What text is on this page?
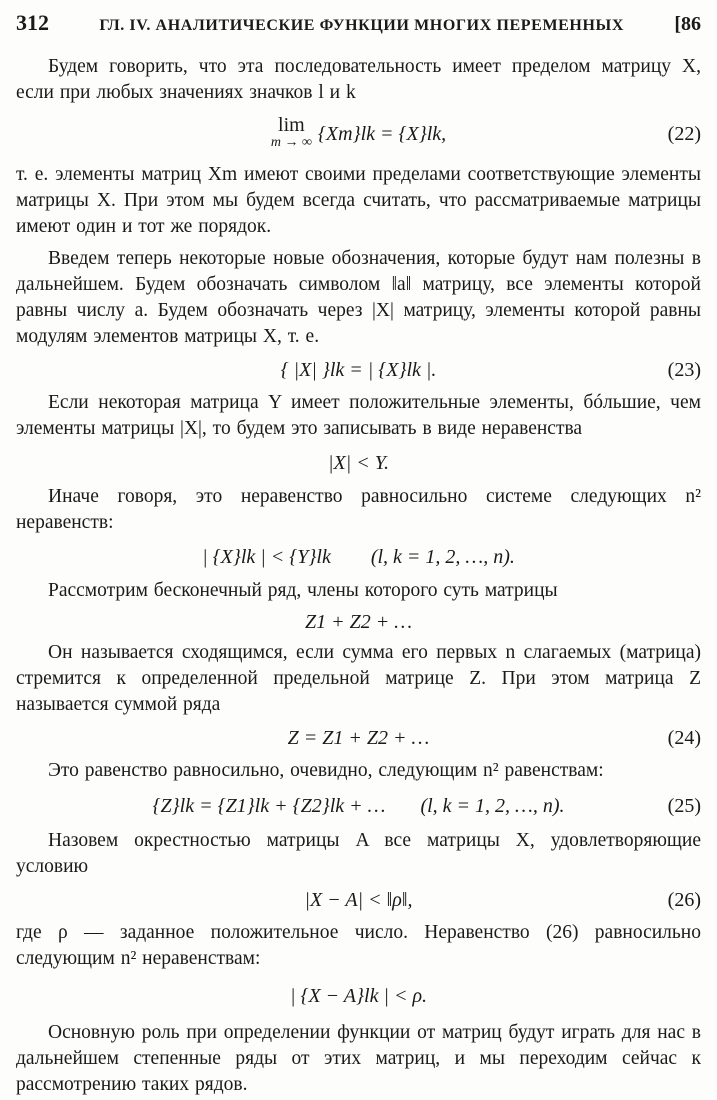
312	ГЛ. IV. АНАЛИТИЧЕСКИЕ ФУНКЦИИ МНОГИХ ПЕРЕМЕННЫХ	[86

Будем говорить, что эта последовательность имеет пределом матрицу X, если при любых значениях значков l и k

lim
m → ∞ {Xm}lk = {X}lk,	(22)

т. е. элементы матриц Xm имеют своими пределами соответствующие элементы матрицы X. При этом мы будем всегда считать, что рассматриваемые матрицы имеют один и тот же порядок.

Введем теперь некоторые новые обозначения, которые будут нам полезны в дальнейшем. Будем обозначать символом ‖a‖ матрицу, все элементы которой равны числу a. Будем обозначать через |X| матрицу, элементы которой равны модулям элементов матрицы X, т. е.

{ |X| }lk = | {X}lk |.	(23)

Если некоторая матрица Y имеет положительные элементы, бóльшие, чем элементы матрицы |X|, то будем это записывать в виде неравенства

|X| < Y.

Иначе говоря, это неравенство равносильно системе следующих n² неравенств:

| {X}lk | < {Y}lk        (l, k = 1, 2, …, n).

Рассмотрим бесконечный ряд, члены которого суть матрицы

Z1 + Z2 + …

Он называется сходящимся, если сумма его первых n слагаемых (матрица) стремится к определенной предельной матрице Z. При этом матрица Z называется суммой ряда

Z = Z1 + Z2 + …	(24)

Это равенство равносильно, очевидно, следующим n² равенствам:

{Z}lk = {Z1}lk + {Z2}lk + …       (l, k = 1, 2, …, n).	(25)

Назовем окрестностью матрицы A все матрицы X, удовлетворяющие условию

|X − A| < ‖ρ‖,	(26)

где ρ — заданное положительное число. Неравенство (26) равносильно следующим n² неравенствам:

| {X − A}lk | < ρ.

Основную роль при определении функции от матриц будут играть для нас в дальнейшем степенные ряды от этих матриц, и мы переходим сейчас к рассмотрению таких рядов.
